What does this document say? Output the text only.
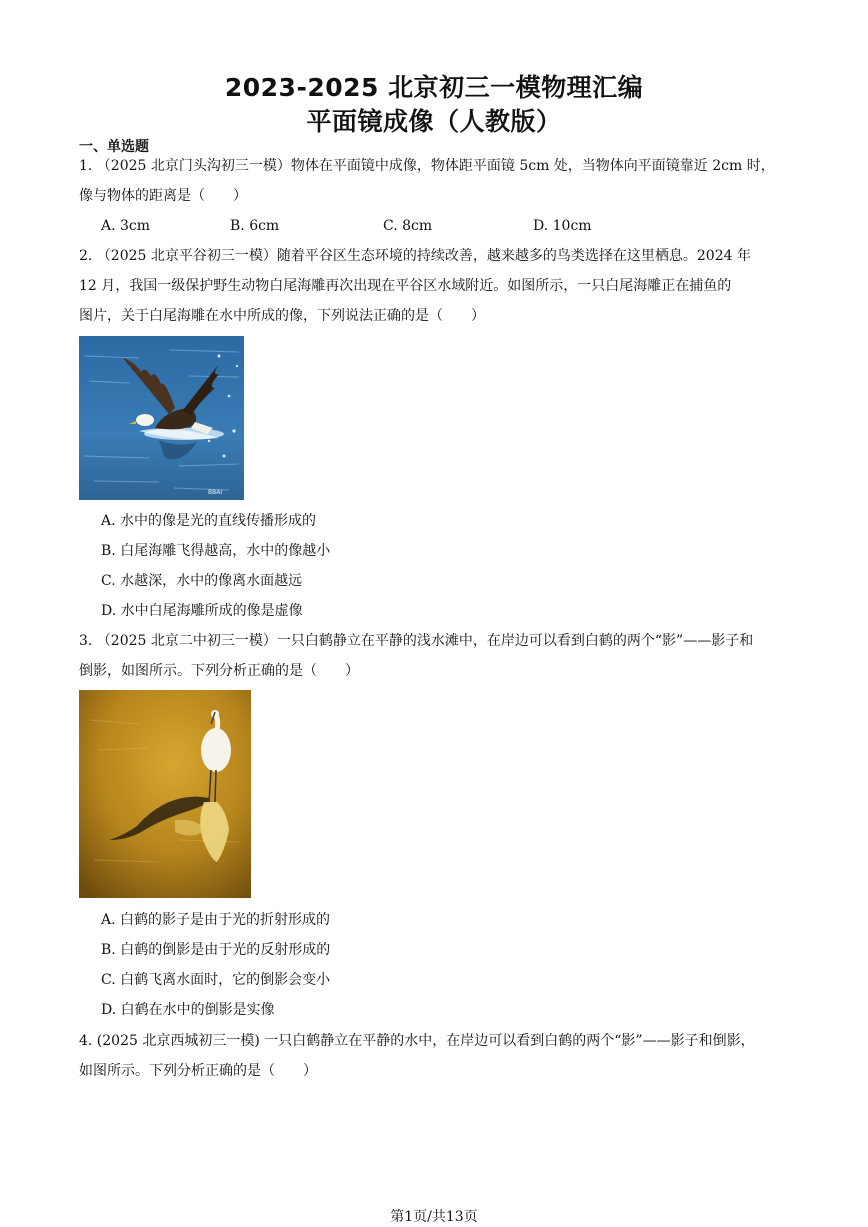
2023-2025 北京初三一模物理汇编
平面镜成像（人教版）
一、单选题
1. （2025 北京门头沟初三一模）物体在平面镜中成像，物体距平面镜 5cm 处，当物体向平面镜靠近 2cm 时，
像与物体的距离是（　　）
A. 3cm	B. 6cm	C. 8cm	D. 10cm
2. （2025 北京平谷初三一模）随着平谷区生态环境的持续改善，越来越多的鸟类选择在这里栖息。2024 年
12 月，我国一级保护野生动物白尾海雕再次出现在平谷区水域附近。如图所示，一只白尾海雕正在捕鱼的
图片，关于白尾海雕在水中所成的像，下列说法正确的是（　　）
BBAI
A. 水中的像是光的直线传播形成的
B. 白尾海雕飞得越高，水中的像越小
C. 水越深，水中的像离水面越远
D. 水中白尾海雕所成的像是虚像
3. （2025 北京二中初三一模）一只白鹤静立在平静的浅水滩中，在岸边可以看到白鹤的两个“影”——影子和
倒影，如图所示。下列分析正确的是（　　）
A. 白鹤的影子是由于光的折射形成的
B. 白鹤的倒影是由于光的反射形成的
C. 白鹤飞离水面时，它的倒影会变小
D. 白鹤在水中的倒影是实像
4. (2025 北京西城初三一模) 一只白鹤静立在平静的水中，在岸边可以看到白鹤的两个“影”——影子和倒影，
如图所示。下列分析正确的是（　　）
第1页/共13页
